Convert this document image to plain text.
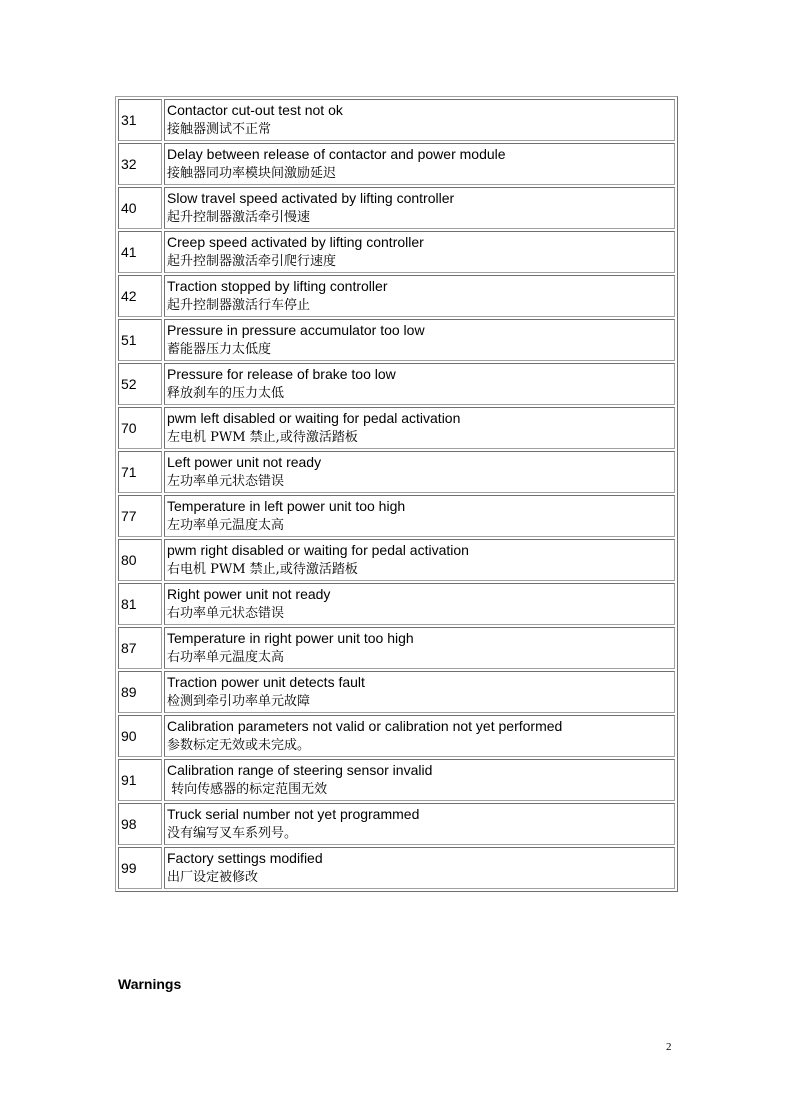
31	Contactor cut-out test not ok
接触器测试不正常

32	Delay between release of contactor and power module
接触器同功率模块间激励延迟

40	Slow travel speed activated by lifting controller
起升控制器激活牵引慢速

41	Creep speed activated by lifting controller
起升控制器激活牵引爬行速度

42	Traction stopped by lifting controller
起升控制器激活行车停止

51	Pressure in pressure accumulator too low
蓄能器压力太低度

52	Pressure for release of brake too low
释放刹车的压力太低

70	pwm left disabled or waiting for pedal activation
左电机 PWM 禁止,或待激活踏板

71	Left power unit not ready
左功率单元状态错误

77	Temperature in left power unit too high
左功率单元温度太高

80	pwm right disabled or waiting for pedal activation
右电机 PWM 禁止,或待激活踏板

81	Right power unit not ready
右功率单元状态错误

87	Temperature in right power unit too high
右功率单元温度太高

89	Traction power unit detects fault
检测到牵引功率单元故障

90	Calibration parameters not valid or calibration not yet performed
参数标定无效或未完成。

91	Calibration range of steering sensor invalid
转向传感器的标定范围无效

98	Truck serial number not yet programmed
没有编写叉车系列号。

99	Factory settings modified
出厂设定被修改
Warnings
2
